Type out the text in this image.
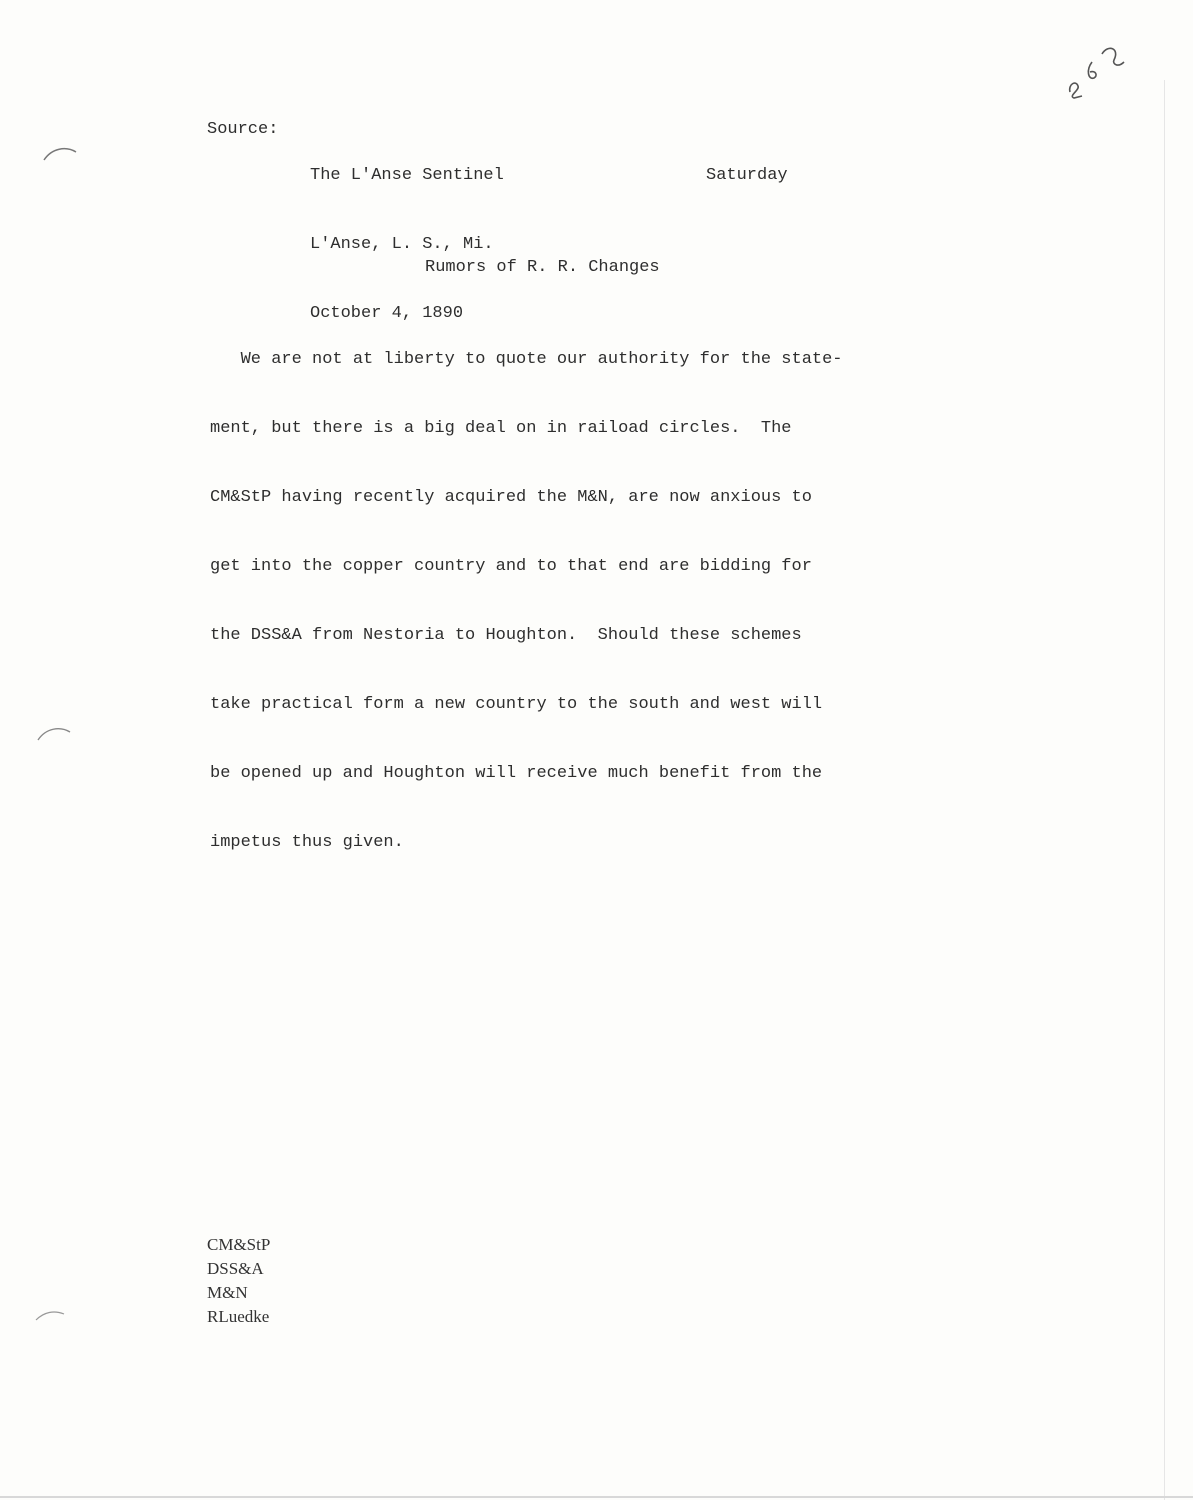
Source:

The L'Anse Sentinel

L'Anse, L. S., Mi.

October 4, 1890

Saturday
Rumors of R. R. Changes

We are not at liberty to quote our authority for the state-

ment, but there is a big deal on in raiload circles.  The

CM&StP having recently acquired the M&N, are now anxious to

get into the copper country and to that end are bidding for

the DSS&A from Nestoria to Houghton.  Should these schemes

take practical form a new country to the south and west will

be opened up and Houghton will receive much benefit from the

impetus thus given.

CM&StP
DSS&A
M&N
RLuedke
